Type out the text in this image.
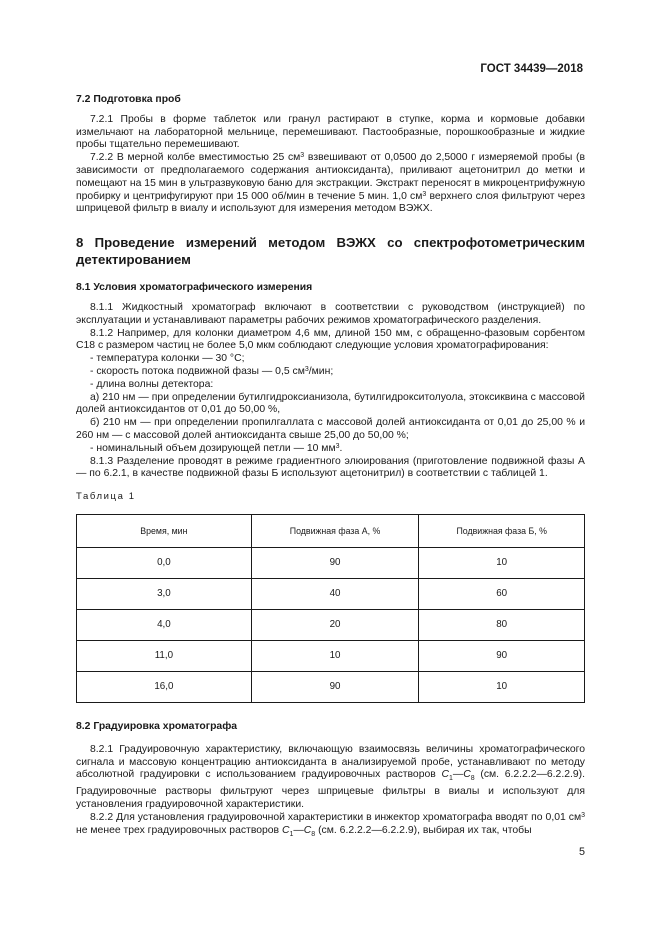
ГОСТ 34439—2018

7.2 Подготовка проб

7.2.1 Пробы в форме таблеток или гранул растирают в ступке, корма и кормовые добавки измельчают на лабораторной мельнице, перемешивают. Пастообразные, порошкообразные и жидкие пробы тщательно перемешивают.

7.2.2 В мерной колбе вместимостью 25 $см^3$ взвешивают от 0,0500 до 2,5000 г измеряемой пробы (в зависимости от предполагаемого содержания антиоксиданта), приливают ацетонитрил до метки и помещают на 15 мин в ультразвуковую баню для экстракции. Экстракт переносят в микроцентрифужную пробирку и центрифугируют при 15 000 об/мин в течение 5 мин. 1,0 $см^3$ верхнего слоя фильтруют через шприцевой фильтр в виалу и используют для измерения методом ВЭЖХ.

8 Проведение измерений методом ВЭЖХ со спектрофотометрическим детектированием

8.1 Условия хроматографического измерения

8.1.1 Жидкостный хроматограф включают в соответствии с руководством (инструкцией) по эксплуатации и устанавливают параметры рабочих режимов хроматографического разделения.

8.1.2 Например, для колонки диаметром 4,6 мм, длиной 150 мм, с обращенно-фазовым сорбентом С18 с размером частиц не более 5,0 мкм соблюдают следующие условия хроматографирования:

- температура колонки — 30 °С;

- скорость потока подвижной фазы — 0,5 $см^3$/мин;

- длина волны детектора:

а) 210 нм — при определении бутилгидроксианизола, бутилгидрокситолуола, этоксиквина с массовой долей антиоксидантов от 0,01 до 50,00 %,

б) 210 нм — при определении пропилгаллата с массовой долей антиоксиданта от 0,01 до 25,00 % и 260 нм — с массовой долей антиоксиданта свыше 25,00 до 50,00 %;

- номинальный объем дозирующей петли — 10 $мм^3$.

8.1.3 Разделение проводят в режиме градиентного элюирования (приготовление подвижной фазы А — по 6.2.1, в качестве подвижной фазы Б используют ацетонитрил) в соответствии с таблицей 1.

Таблица 1

Время, мин	Подвижная фаза А, %	Подвижная фаза Б, %
0,0	90	10
3,0	40	60
4,0	20	80
11,0	10	90
16,0	90	10

8.2 Градуировка хроматографа

8.2.1 Градуировочную характеристику, включающую взаимосвязь величины хроматографического сигнала и массовую концентрацию антиоксиданта в анализируемой пробе, устанавливают по методу абсолютной градуировки с использованием градуировочных растворов $C_1—C_8$ (см. 6.2.2.2—6.2.2.9). Градуировочные растворы фильтруют через шприцевые фильтры в виалы и используют для установления градуировочной характеристики.

8.2.2 Для установления градуировочной характеристики в инжектор хроматографа вводят по 0,01 $см^3$ не менее трех градуировочных растворов $C_1—C_8$ (см. 6.2.2.2—6.2.2.9), выбирая их так, чтобы

5
